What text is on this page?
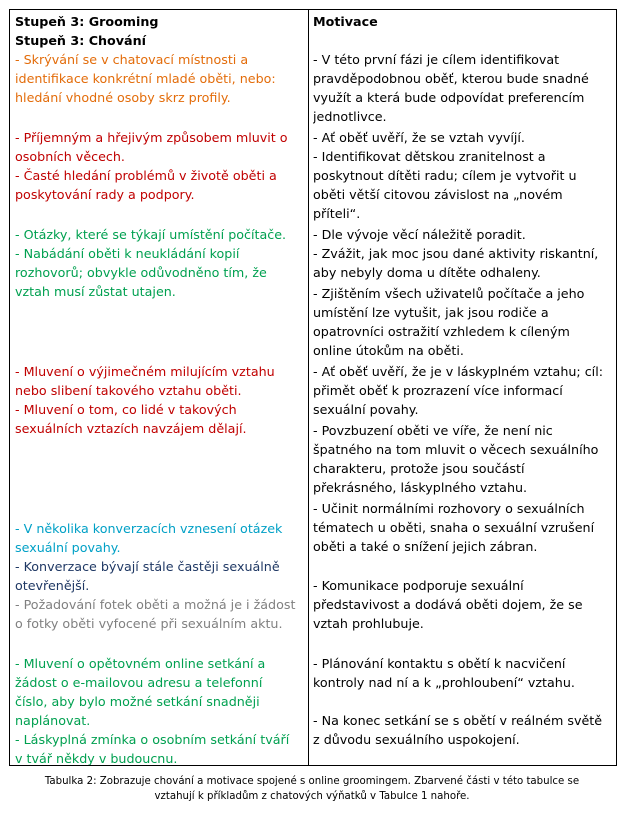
Stupeň 3: Grooming
Stupeň 3: Chování
- Skrývání se v chatovací místnosti a
identifikace konkrétní mladé oběti, nebo:
hledání vhodné osoby skrz profily.
- Příjemným a hřejivým způsobem mluvit o
osobních věcech.
- Časté hledání problémů v životě oběti a
poskytování rady a podpory.
- Otázky, které se týkají umístění počítače.
- Nabádání oběti k neukládání kopií
rozhovorů; obvykle odůvodněno tím, že
vztah musí zůstat utajen.
- Mluvení o výjimečném milujícím vztahu
nebo slibení takového vztahu oběti.
- Mluvení o tom, co lidé v takových
sexuálních vztazích navzájem dělají.
- V několika konverzacích vznesení otázek
sexuální povahy.
- Konverzace bývají stále častěji sexuálně
otevřenější.
- Požadování fotek oběti a možná je i žádost
o fotky oběti vyfocené při sexuálním aktu.
- Mluvení o opětovném online setkání a
žádost o e-mailovou adresu a telefonní
číslo, aby bylo možné setkání snadněji
naplánovat.
- Láskyplná zmínka o osobním setkání tváří
v tvář někdy v budoucnu.
Motivace
- V této první fázi je cílem identifikovat
pravděpodobnou oběť, kterou bude snadné
využít a která bude odpovídat preferencím
jednotlivce.
- Ať oběť uvěří, že se vztah vyvíjí.
- Identifikovat dětskou zranitelnost a
poskytnout dítěti radu; cílem je vytvořit u
oběti větší citovou závislost na „novém
příteli“.
- Dle vývoje věcí náležitě poradit.
- Zvážit, jak moc jsou dané aktivity riskantní,
aby nebyly doma u dítěte odhaleny.
- Zjištěním všech uživatelů počítače a jeho
umístění lze vytušit, jak jsou rodiče a
opatrovníci ostražití vzhledem k cíleným
online útokům na oběti.
- Ať oběť uvěří, že je v láskyplném vztahu; cíl:
přimět oběť k prozrazení více informací
sexuální povahy.
- Povzbuzení oběti ve víře, že není nic
špatného na tom mluvit o věcech sexuálního
charakteru, protože jsou součástí
překrásného, láskyplného vztahu.
- Učinit normálními rozhovory o sexuálních
tématech u oběti, snaha o sexuální vzrušení
oběti a také o snížení jejich zábran.
- Komunikace podporuje sexuální
představivost a dodává oběti dojem, že se
vztah prohlubuje.
- Plánování kontaktu s obětí k nacvičení
kontroly nad ní a k „prohloubení“ vztahu.
- Na konec setkání se s obětí v reálném světě
z důvodu sexuálního uspokojení.
Tabulka 2: Zobrazuje chování a motivace spojené s online groomingem. Zbarvené části v této tabulce se
vztahují k příkladům z chatových výňatků v Tabulce 1 nahoře.
